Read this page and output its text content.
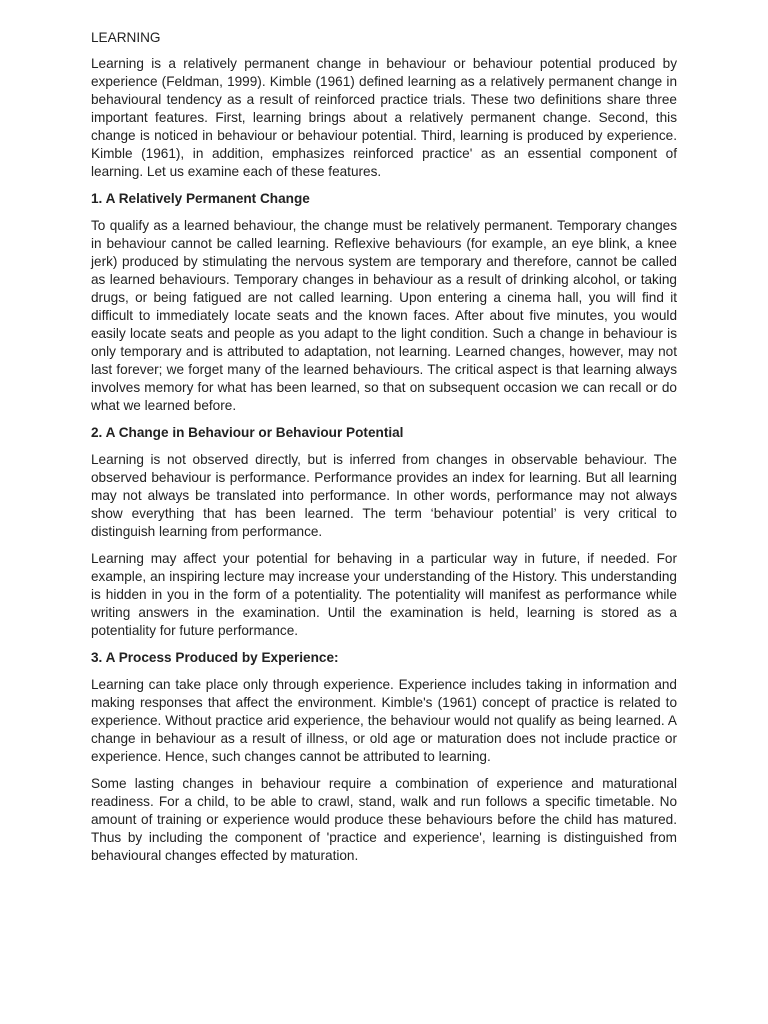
LEARNING

Learning is a relatively permanent change in behaviour or behaviour potential produced by experience (Feldman, 1999). Kimble (1961) defined learning as a relatively permanent change in behavioural tendency as a result of reinforced practice trials. These two definitions share three important features. First, learning brings about a relatively permanent change. Second, this change is noticed in behaviour or behaviour potential. Third, learning is produced by experience. Kimble (1961), in addition, emphasizes reinforced practice' as an essential component of learning. Let us examine each of these features.

1. A Relatively Permanent Change

To qualify as a learned behaviour, the change must be relatively permanent. Temporary changes in behaviour cannot be called learning. Reflexive behaviours (for example, an eye blink, a knee jerk) produced by stimulating the nervous system are temporary and therefore, cannot be called as learned behaviours. Temporary changes in behaviour as a result of drinking alcohol, or taking drugs, or being fatigued are not called learning. Upon entering a cinema hall, you will find it difficult to immediately locate seats and the known faces. After about five minutes, you would easily locate seats and people as you adapt to the light condition. Such a change in behaviour is only temporary and is attributed to adaptation, not learning. Learned changes, however, may not last forever; we forget many of the learned behaviours. The critical aspect is that learning always involves memory for what has been learned, so that on subsequent occasion we can recall or do what we learned before.

2. A Change in Behaviour or Behaviour Potential

Learning is not observed directly, but is inferred from changes in observable behaviour. The observed behaviour is performance. Performance provides an index for learning. But all learning may not always be translated into performance. In other words, performance may not always show everything that has been learned. The term ‘behaviour potential’ is very critical to distinguish learning from performance.

Learning may affect your potential for behaving in a particular way in future, if needed. For example, an inspiring lecture may increase your understanding of the History. This understanding is hidden in you in the form of a potentiality. The potentiality will manifest as performance while writing answers in the examination. Until the examination is held, learning is stored as a potentiality for future performance.

3. A Process Produced by Experience:

Learning can take place only through experience. Experience includes taking in information and making responses that affect the environment. Kimble's (1961) concept of practice is related to experience. Without practice arid experience, the behaviour would not qualify as being learned. A change in behaviour as a result of illness, or old age or maturation does not include practice or experience. Hence, such changes cannot be attributed to learning.

Some lasting changes in behaviour require a combination of experience and maturational readiness. For a child, to be able to crawl, stand, walk and run follows a specific timetable. No amount of training or experience would produce these behaviours before the child has matured. Thus by including the component of 'practice and experience', learning is distinguished from behavioural changes effected by maturation.
